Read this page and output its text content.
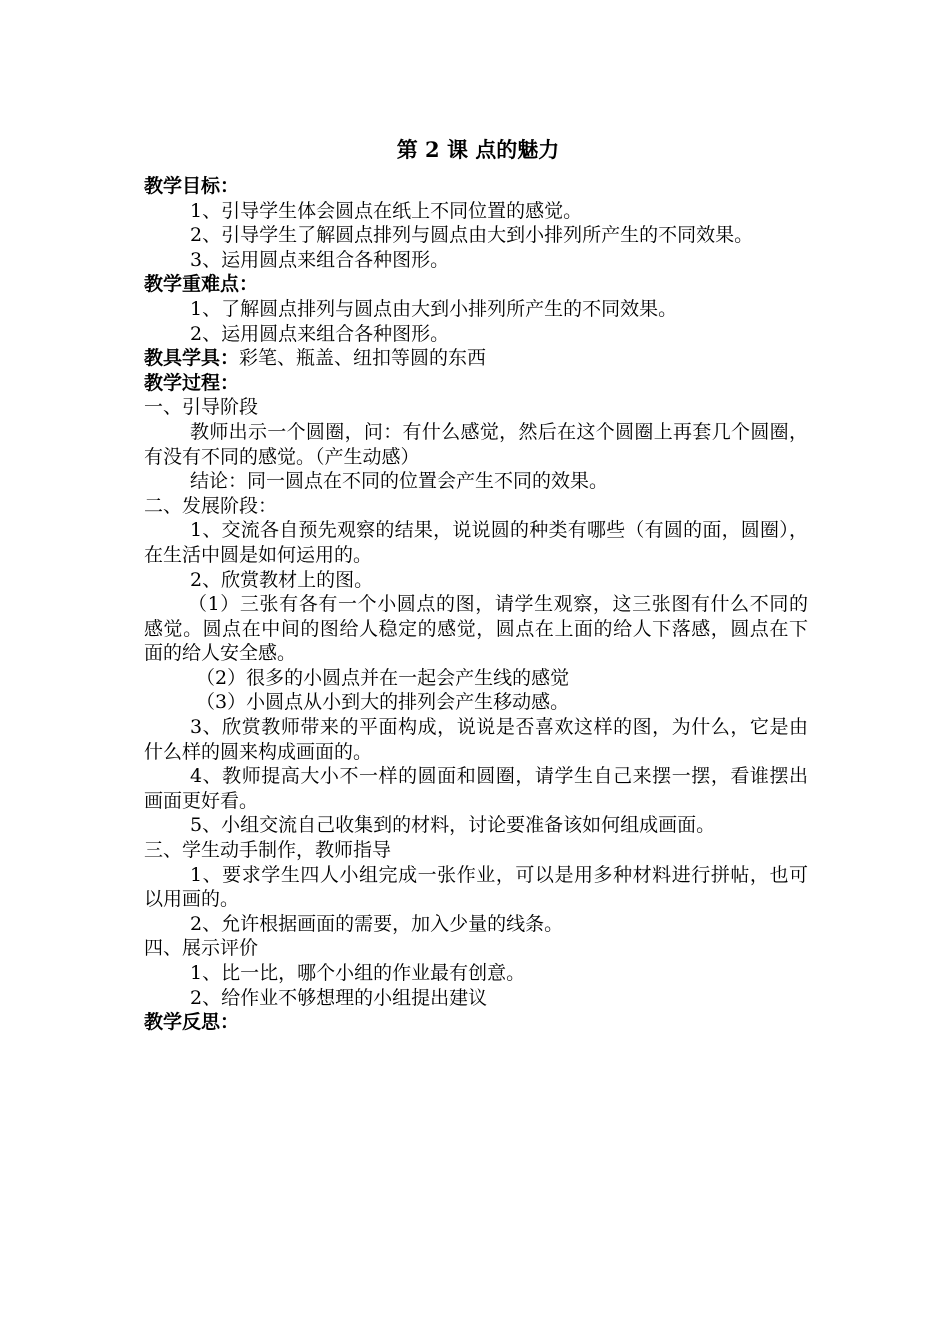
第 2 课 点的魅力
教学目标：

1、引导学生体会圆点在纸上不同位置的感觉。

2、引导学生了解圆点排列与圆点由大到小排列所产生的不同效果。

3、运用圆点来组合各种图形。

教学重难点：

1、了解圆点排列与圆点由大到小排列所产生的不同效果。

2、运用圆点来组合各种图形。

教具学具：彩笔、瓶盖、纽扣等圆的东西

教学过程：

一、引导阶段

教师出示一个圆圈，问：有什么感觉，然后在这个圆圈上再套几个圆圈，有没有不同的感觉。（产生动感）

结论：同一圆点在不同的位置会产生不同的效果。

二、发展阶段：

1、交流各自预先观察的结果，说说圆的种类有哪些（有圆的面，圆圈），在生活中圆是如何运用的。

2、欣赏教材上的图。

（1）三张有各有一个小圆点的图，请学生观察，这三张图有什么不同的感觉。圆点在中间的图给人稳定的感觉，圆点在上面的给人下落感，圆点在下面的给人安全感。

（2）很多的小圆点并在一起会产生线的感觉

（3）小圆点从小到大的排列会产生移动感。

3、欣赏教师带来的平面构成，说说是否喜欢这样的图，为什么，它是由什么样的圆来构成画面的。

4、教师提高大小不一样的圆面和圆圈，请学生自己来摆一摆，看谁摆出画面更好看。

5、小组交流自己收集到的材料，讨论要准备该如何组成画面。

三、学生动手制作，教师指导

1、要求学生四人小组完成一张作业，可以是用多种材料进行拼帖，也可以用画的。

2、允许根据画面的需要，加入少量的线条。

四、展示评价

1、比一比，哪个小组的作业最有创意。

2、给作业不够想理的小组提出建议

教学反思：
